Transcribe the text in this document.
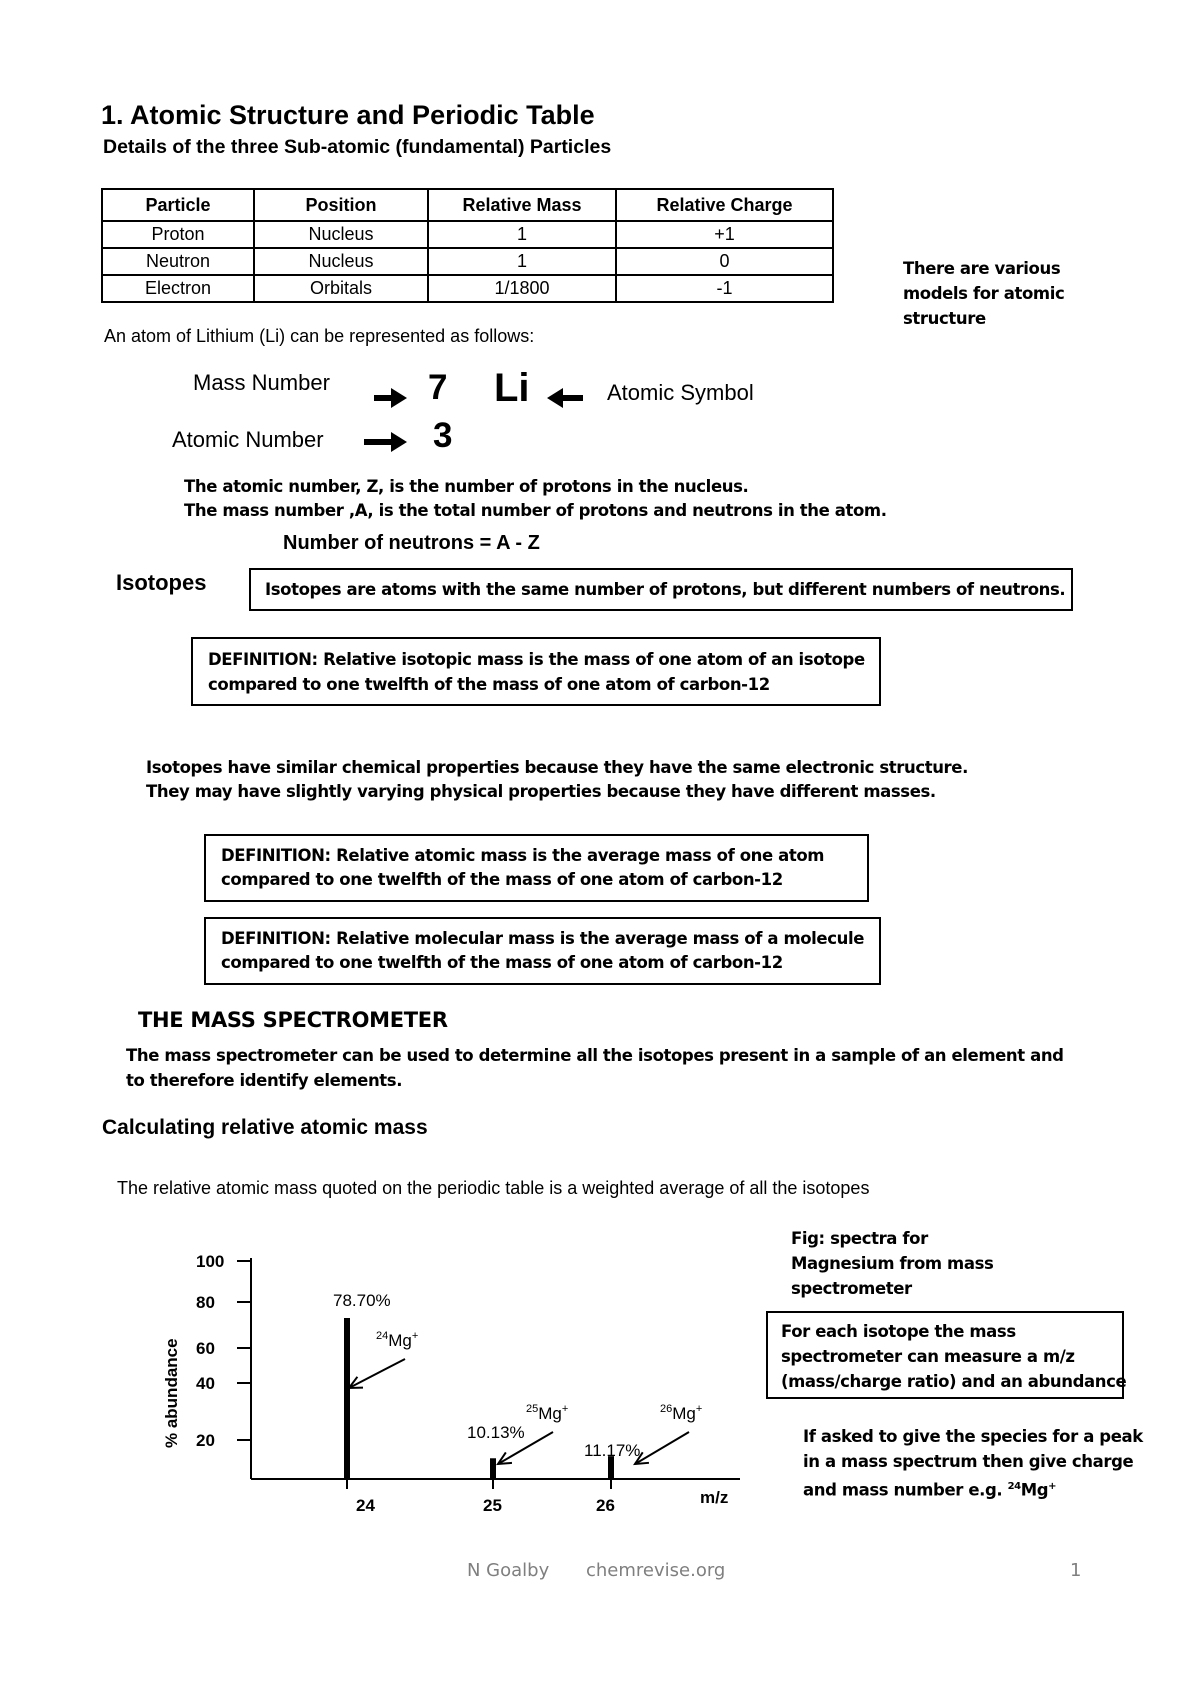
1. Atomic Structure and Periodic Table
Details of the three Sub-atomic (fundamental) Particles
Particle	Position	Relative Mass	Relative Charge
Proton	Nucleus	1	+1
Neutron	Nucleus	1	0
Electron	Orbitals	1/1800	-1
There are various
models for atomic
structure
An atom of Lithium (Li) can be represented as follows:
Mass Number
Atomic Number
7
3
Li	Atomic Symbol
The atomic number, Z, is the number of protons in the nucleus.
The mass number ,A, is the total number of protons and neutrons in the atom.
Number of neutrons = A - Z
Isotopes	Isotopes are atoms with the same number of protons, but different numbers of neutrons.
DEFINITION: Relative isotopic mass is the mass of one atom of an isotope
compared to one twelfth of the mass of one atom of carbon-12
Isotopes have similar chemical properties because they have the same electronic structure.
They may have slightly varying physical properties because they have different masses.
DEFINITION: Relative atomic mass is the average mass of one atom
compared to one twelfth of the mass of one atom of carbon-12
DEFINITION: Relative molecular mass is the average mass of a molecule
compared to one twelfth of the mass of one atom of carbon-12
THE MASS SPECTROMETER
The mass spectrometer can be used to determine all the isotopes present in a sample of an element and
to therefore identify elements.
Calculating relative atomic mass
The relative atomic mass quoted on the periodic table is a weighted average of all the isotopes
100
80
60
40
20
24	25	26
78.70%
$^{24}$Mg+
10.13%
$^{25}$Mg+
11.17%
$^{26}$Mg+
m/z
% abundance
Fig: spectra for
Magnesium from mass
spectrometer
For each isotope the mass
spectrometer can measure a m/z
(mass/charge ratio) and an abundance
If asked to give the species for a peak
in a mass spectrum then give charge
and mass number e.g. $^{24}$Mg+
N Goalby chemrevise.org	1
